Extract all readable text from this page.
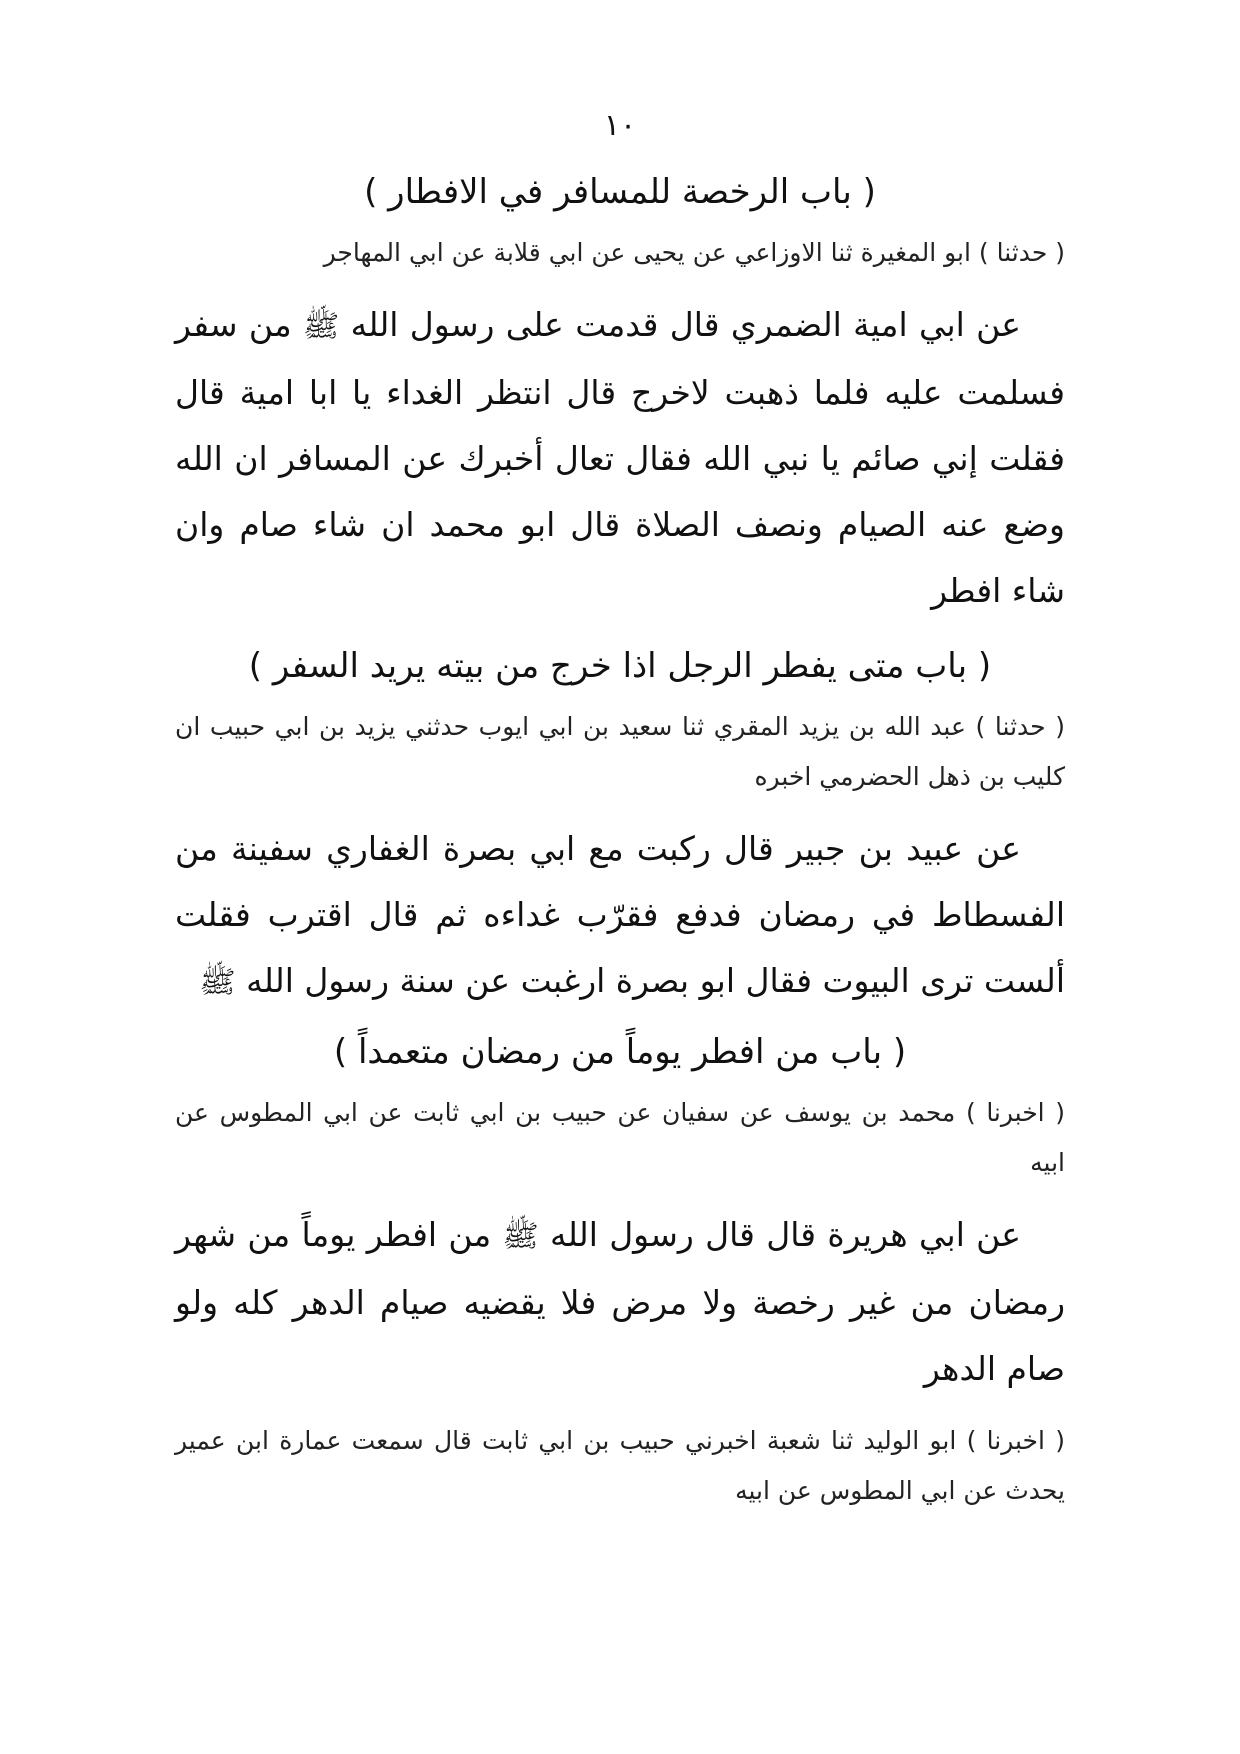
١٠
( باب الرخصة للمسافر في الافطار )

( حدثنا ) ابو المغيرة ثنا الاوزاعي عن يحيى عن ابي قلابة عن ابي المهاجر

عن ابي امية الضمري قال قدمت على رسول الله ﷺ من سفر فسلمت عليه فلما ذهبت لاخرج قال انتظر الغداء يا ابا امية قال فقلت إني صائم يا نبي الله فقال تعال أخبرك عن المسافر ان الله وضع عنه الصيام ونصف الصلاة قال ابو محمد ان شاء صام وان شاء افطر

( باب متى يفطر الرجل اذا خرج من بيته يريد السفر )

( حدثنا ) عبد الله بن يزيد المقري ثنا سعيد بن ابي ايوب حدثني يزيد بن ابي حبيب ان كليب بن ذهل الحضرمي اخبره

عن عبيد بن جبير قال ركبت مع ابي بصرة الغفاري سفينة من الفسطاط في رمضان فدفع فقرّب غداءه ثم قال اقترب فقلت ألست ترى البيوت فقال ابو بصرة ارغبت عن سنة رسول الله ﷺ

( باب من افطر يوماً من رمضان متعمداً )

( اخبرنا ) محمد بن يوسف عن سفيان عن حبيب بن ابي ثابت عن ابي المطوس عن ابيه

عن ابي هريرة قال قال رسول الله ﷺ من افطر يوماً من شهر رمضان من غير رخصة ولا مرض فلا يقضيه صيام الدهر كله ولو صام الدهر

( اخبرنا ) ابو الوليد ثنا شعبة اخبرني حبيب بن ابي ثابت قال سمعت عمارة ابن عمير يحدث عن ابي المطوس عن ابيه
